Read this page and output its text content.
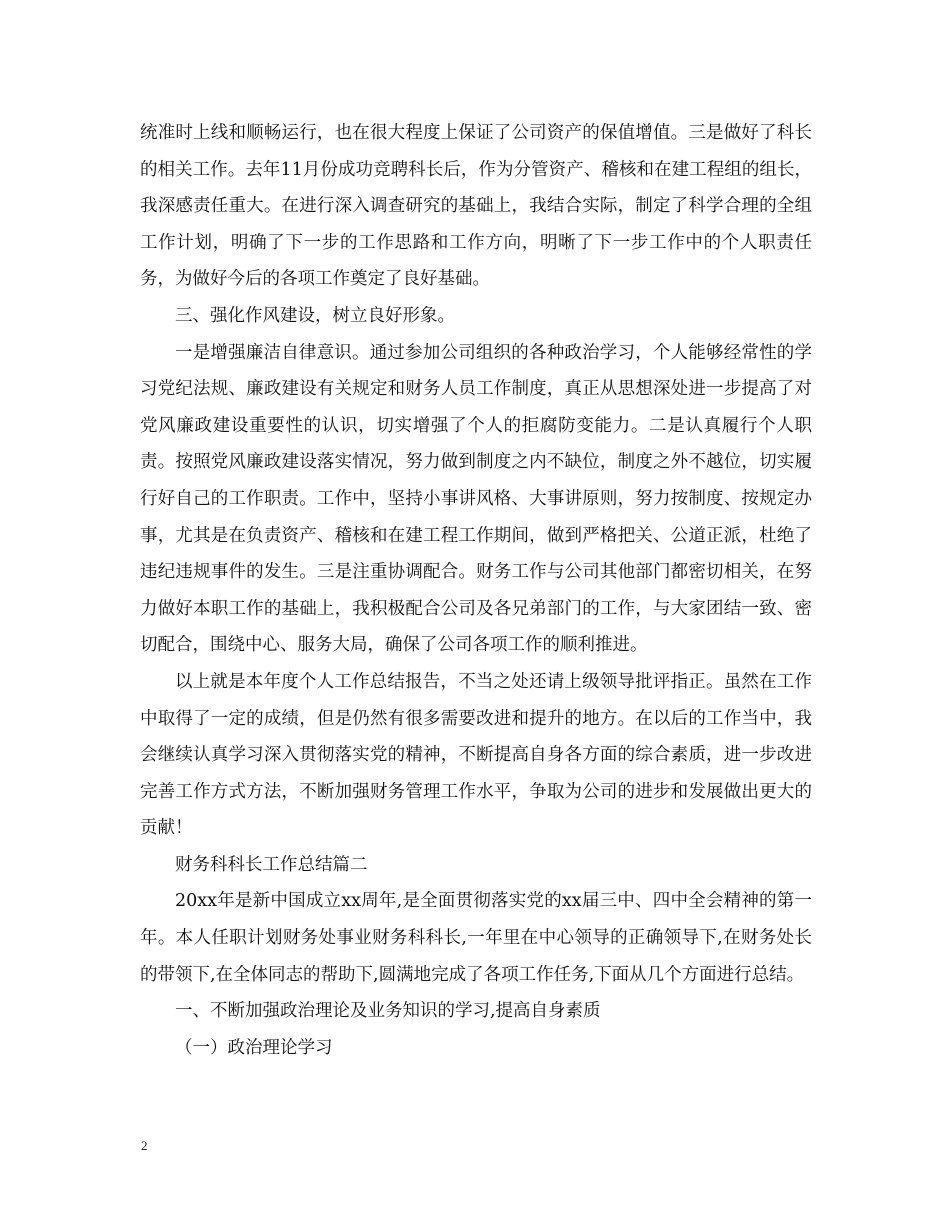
统准时上线和顺畅运行，也在很大程度上保证了公司资产的保值增值。三是做好了科长的相关工作。去年11月份成功竞聘科长后，作为分管资产、稽核和在建工程组的组长，我深感责任重大。在进行深入调查研究的基础上，我结合实际，制定了科学合理的全组工作计划，明确了下一步的工作思路和工作方向，明晰了下一步工作中的个人职责任务，为做好今后的各项工作奠定了良好基础。

三、强化作风建设，树立良好形象。

一是增强廉洁自律意识。通过参加公司组织的各种政治学习，个人能够经常性的学习党纪法规、廉政建设有关规定和财务人员工作制度，真正从思想深处进一步提高了对党风廉政建设重要性的认识，切实增强了个人的拒腐防变能力。二是认真履行个人职责。按照党风廉政建设落实情况，努力做到制度之内不缺位，制度之外不越位，切实履行好自己的工作职责。工作中，坚持小事讲风格、大事讲原则，努力按制度、按规定办事，尤其是在负责资产、稽核和在建工程工作期间，做到严格把关、公道正派，杜绝了违纪违规事件的发生。三是注重协调配合。财务工作与公司其他部门都密切相关，在努力做好本职工作的基础上，我积极配合公司及各兄弟部门的工作，与大家团结一致、密切配合，围绕中心、服务大局，确保了公司各项工作的顺利推进。

以上就是本年度个人工作总结报告，不当之处还请上级领导批评指正。虽然在工作中取得了一定的成绩，但是仍然有很多需要改进和提升的地方。在以后的工作当中，我会继续认真学习深入贯彻落实党的精神，不断提高自身各方面的综合素质，进一步改进完善工作方式方法，不断加强财务管理工作水平，争取为公司的进步和发展做出更大的贡献！

财务科科长工作总结篇二

20xx年是新中国成立xx周年,是全面贯彻落实党的xx届三中、四中全会精神的第一年。本人任职计划财务处事业财务科科长,一年里在中心领导的正确领导下,在财务处长的带领下,在全体同志的帮助下,圆满地完成了各项工作任务,下面从几个方面进行总结。

一、不断加强政治理论及业务知识的学习,提高自身素质

（一）政治理论学习

2
